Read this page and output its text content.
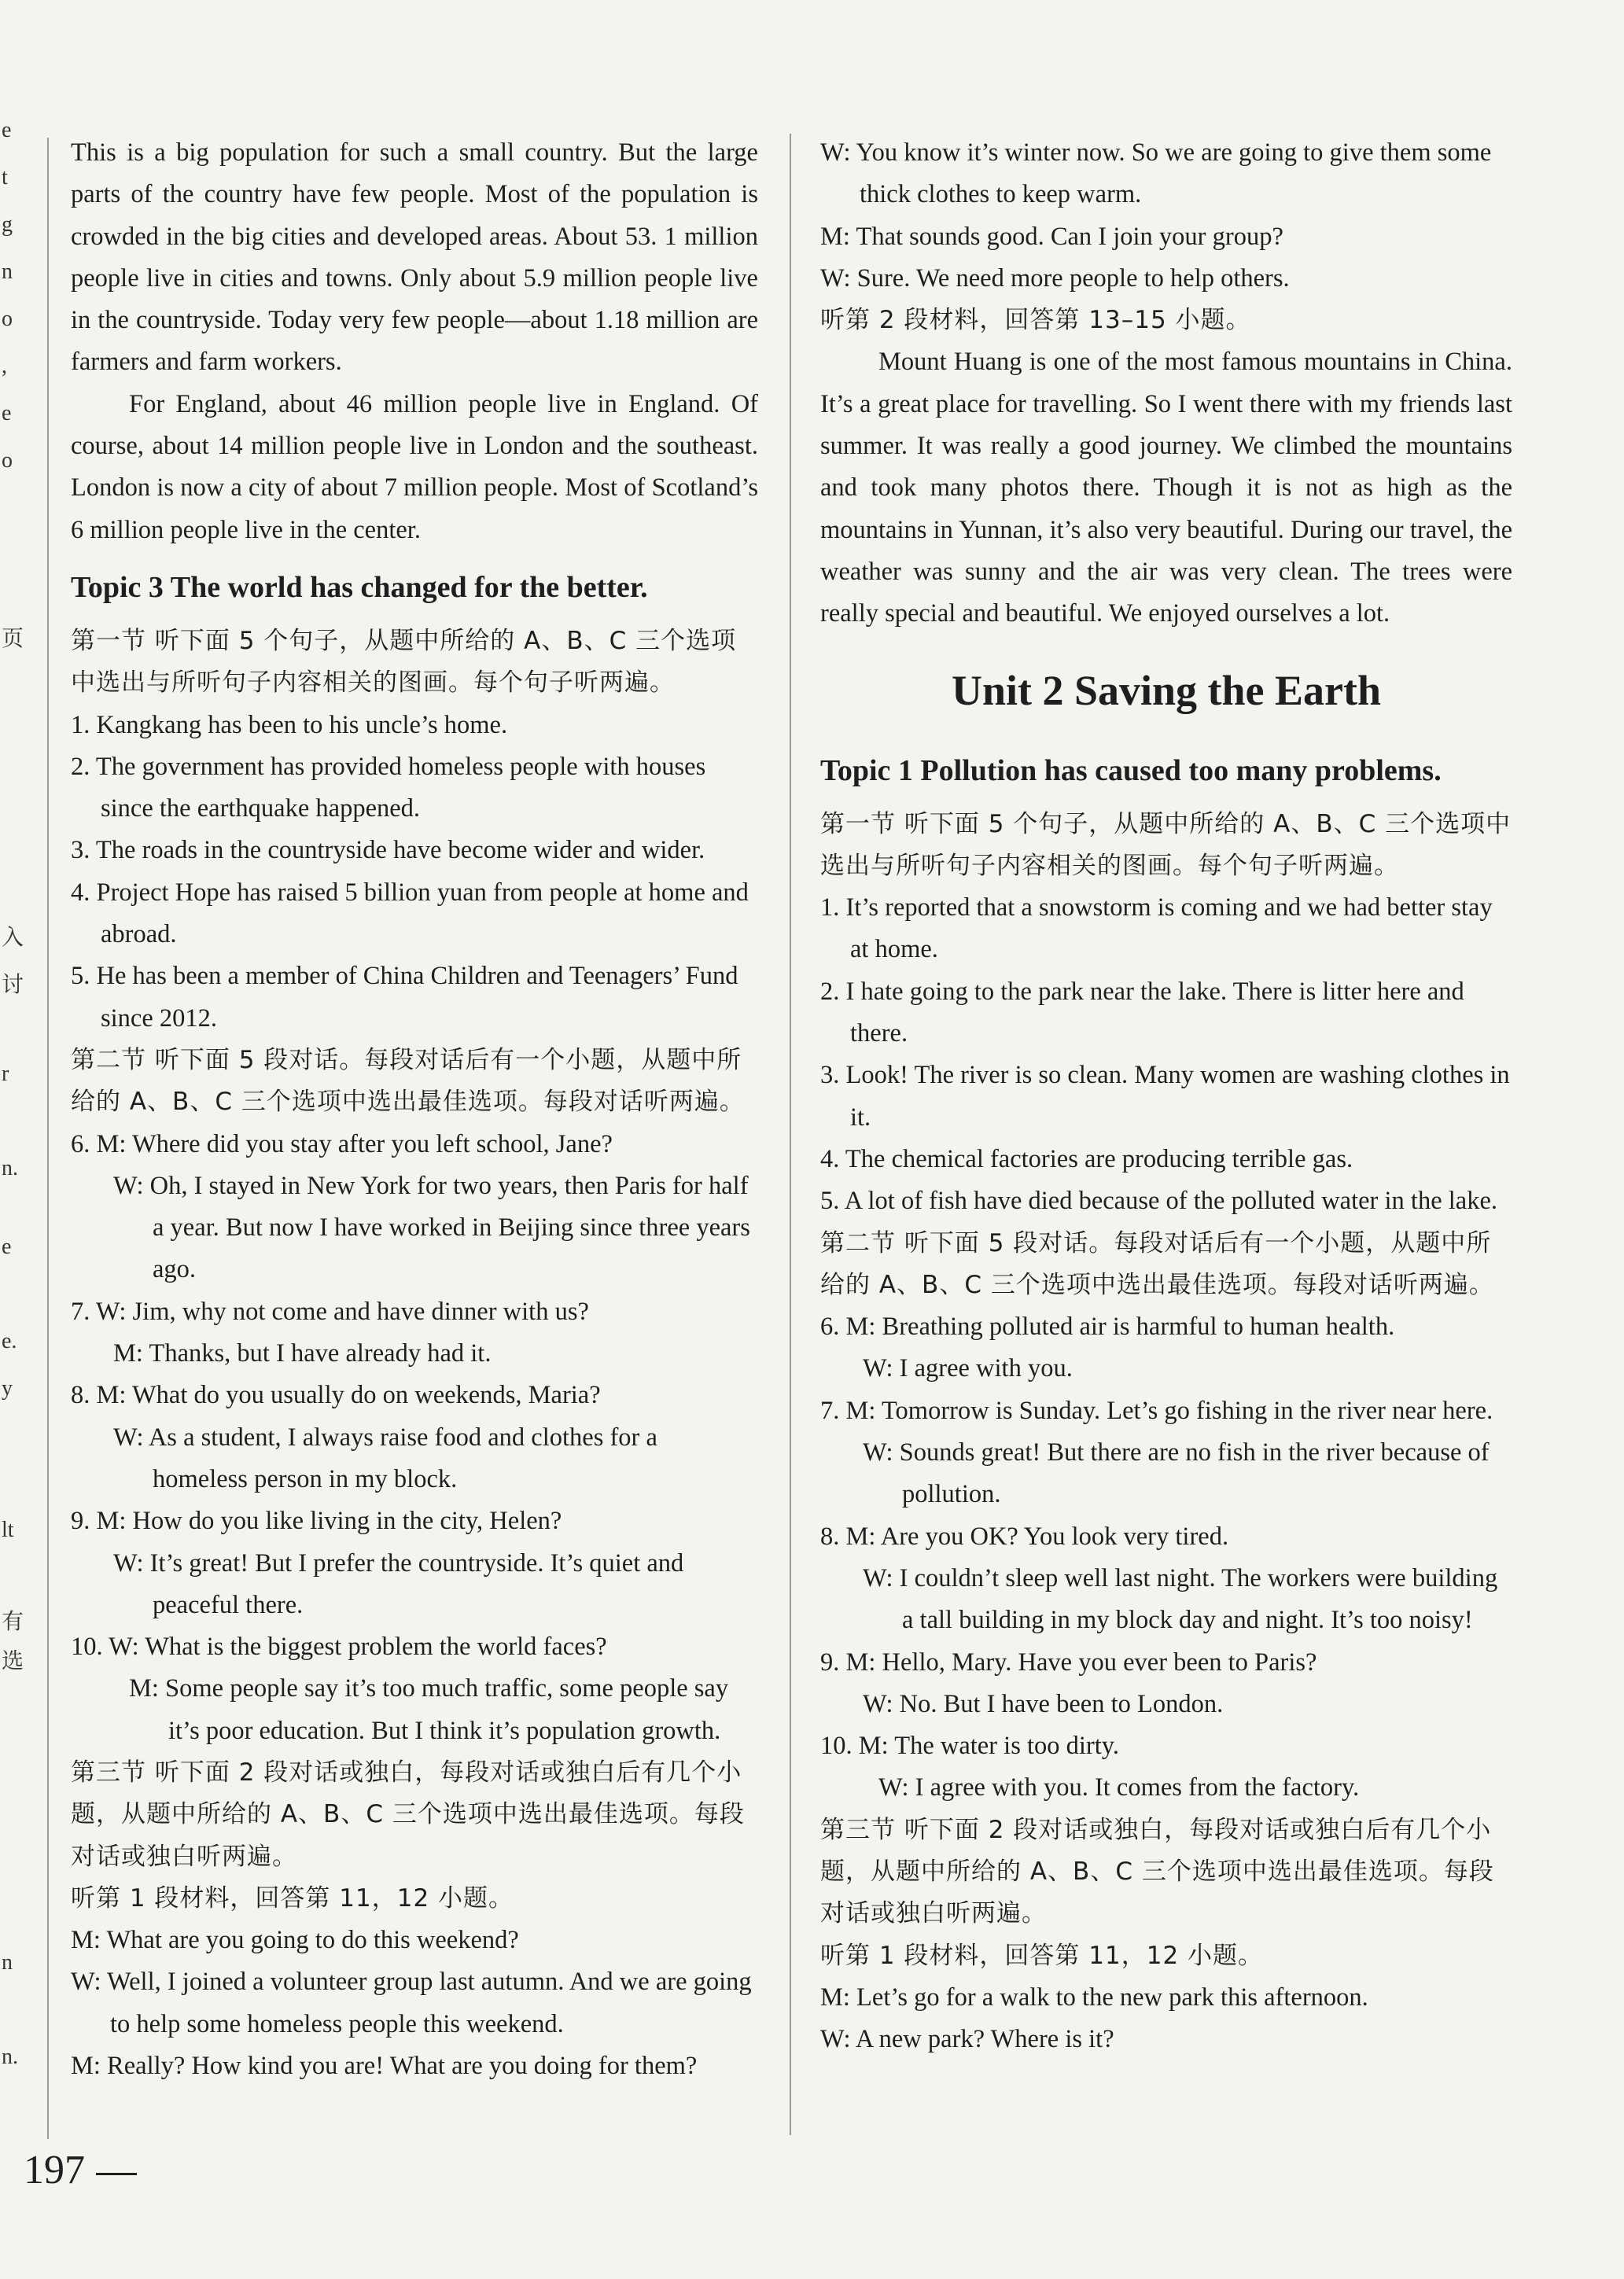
e
t
g
n
o
,
e
o
页
入
讨
r
n.
e
e.
y
lt
有
选
n
n.

This is a big population for such a small country. But the large parts of the country have few people. Most of the population is crowded in the big cities and developed areas. About 53. 1 million people live in cities and towns. Only about 5.9 million people live in the countryside. Today very few people—about 1.18 million are farmers and farm workers.

For England, about 46 million people live in England. Of course, about 14 million people live in London and the southeast. London is now a city of about 7 million people. Most of Scotland’s 6 million people live in the center.

Topic 3 The world has changed for the better.

第一节 听下面 5 个句子，从题中所给的 A、B、C 三个选项中选出与所听句子内容相关的图画。每个句子听两遍。

1. Kangkang has been to his uncle’s home.

2. The government has provided homeless people with houses since the earthquake happened.

3. The roads in the countryside have become wider and wider.

4. Project Hope has raised 5 billion yuan from people at home and abroad.

5. He has been a member of China Children and Teenagers’ Fund since 2012.

第二节 听下面 5 段对话。每段对话后有一个小题，从题中所给的 A、B、C 三个选项中选出最佳选项。每段对话听两遍。

6. M: Where did you stay after you left school, Jane?

W: Oh, I stayed in New York for two years, then Paris for half a year. But now I have worked in Beijing since three years ago.

7. W: Jim, why not come and have dinner with us?

M: Thanks, but I have already had it.

8. M: What do you usually do on weekends, Maria?

W: As a student, I always raise food and clothes for a homeless person in my block.

9. M: How do you like living in the city, Helen?

W: It’s great! But I prefer the countryside. It’s quiet and peaceful there.

10. W: What is the biggest problem the world faces?

M: Some people say it’s too much traffic, some people say it’s poor education. But I think it’s population growth.

第三节 听下面 2 段对话或独白，每段对话或独白后有几个小题，从题中所给的 A、B、C 三个选项中选出最佳选项。每段对话或独白听两遍。

听第 1 段材料，回答第 11，12 小题。

M: What are you going to do this weekend?

W: Well, I joined a volunteer group last autumn. And we are going to help some homeless people this weekend.

M: Really? How kind you are! What are you doing for them?

W: You know it’s winter now. So we are going to give them some thick clothes to keep warm.

M: That sounds good. Can I join your group?

W: Sure. We need more people to help others.

听第 2 段材料，回答第 13–15 小题。

Mount Huang is one of the most famous mountains in China. It’s a great place for travelling. So I went there with my friends last summer. It was really a good journey. We climbed the mountains and took many photos there. Though it is not as high as the mountains in Yunnan, it’s also very beautiful. During our travel, the weather was sunny and the air was very clean. The trees were really special and beautiful. We enjoyed ourselves a lot.

Unit 2 Saving the Earth

Topic 1 Pollution has caused too many problems.

第一节 听下面 5 个句子，从题中所给的 A、B、C 三个选项中选出与所听句子内容相关的图画。每个句子听两遍。

1. It’s reported that a snowstorm is coming and we had better stay at home.

2. I hate going to the park near the lake. There is litter here and there.

3. Look! The river is so clean. Many women are washing clothes in it.

4. The chemical factories are producing terrible gas.

5. A lot of fish have died because of the polluted water in the lake.

第二节 听下面 5 段对话。每段对话后有一个小题，从题中所给的 A、B、C 三个选项中选出最佳选项。每段对话听两遍。

6. M: Breathing polluted air is harmful to human health.

W: I agree with you.

7. M: Tomorrow is Sunday. Let’s go fishing in the river near here.

W: Sounds great! But there are no fish in the river because of pollution.

8. M: Are you OK? You look very tired.

W: I couldn’t sleep well last night. The workers were building a tall building in my block day and night. It’s too noisy!

9. M: Hello, Mary. Have you ever been to Paris?

W: No. But I have been to London.

10. M: The water is too dirty.

W: I agree with you. It comes from the factory.

第三节 听下面 2 段对话或独白，每段对话或独白后有几个小题，从题中所给的 A、B、C 三个选项中选出最佳选项。每段对话或独白听两遍。

听第 1 段材料，回答第 11，12 小题。

M: Let’s go for a walk to the new park this afternoon.

W: A new park? Where is it?

197
